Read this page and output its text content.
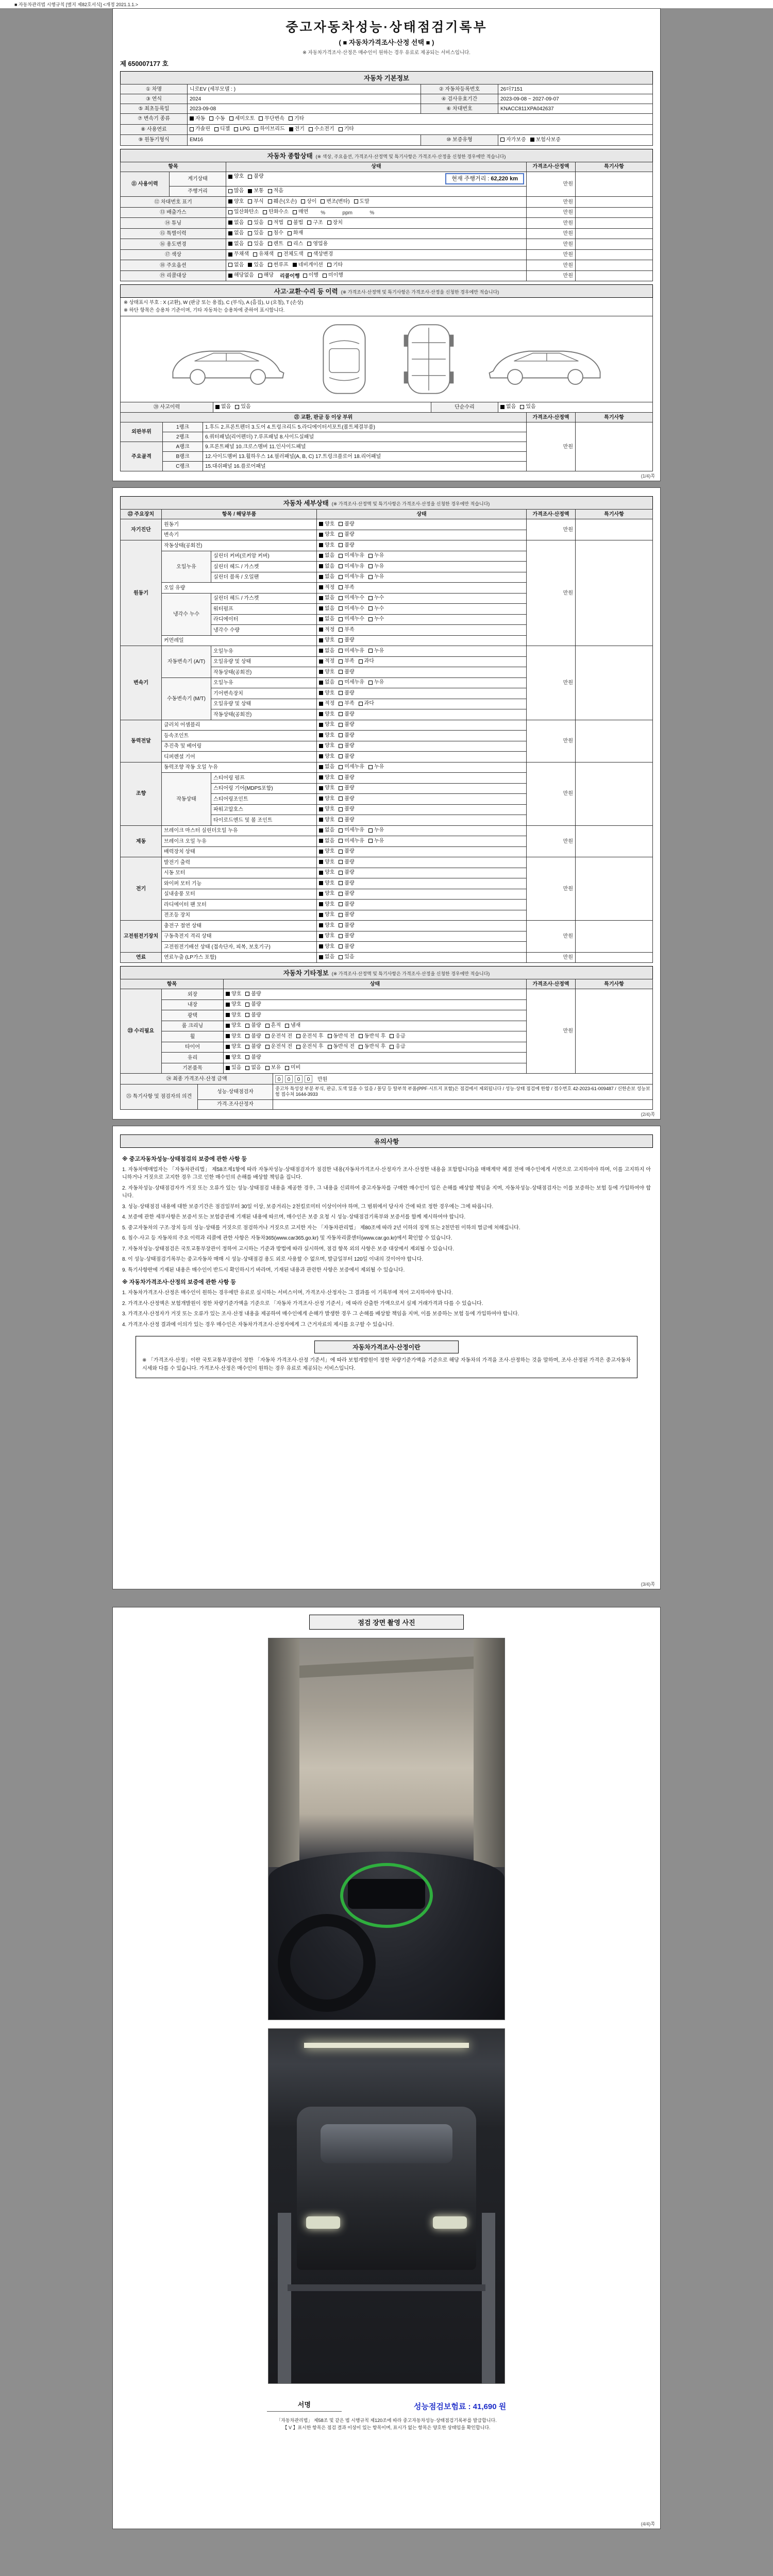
■ 자동차관리법 시행규칙 [별지 제82호서식] <개정 2021.1.1.>
중고자동차성능·상태점검기록부
( ■ 자동차가격조사·산정 선택 ■ )
※ 자동차가격조사·산정은 매수인이 원하는 경우 유료로 제공되는 서비스입니다.
제 650007177 호
자동차 기본정보
① 차명	니로EV (세부모델 : )	② 자동차등록번호	26더7151
③ 연식	2024	④ 검사유효기간	2023-09-08 ~ 2027-09-07
⑤ 최초등록일	2023-09-08	⑥ 차대번호	KNACC811XPA042637
⑦ 변속기 종류	자동 수동 세미오토 무단변속 기타		

⑧ 사용연료	가솔린 디젤 LPG 하이브리드 전기 수소전기 기타

⑨ 원동기형식	EM16	⑩ 보증유형	자가보증 보험사보증
자동차 종합상태 (※ 색상, 주요옵션, 가격조사·산정액 및 특기사항은 가격조사·산정을 신청한 경우에만 적습니다)
항목		상태	가격조사·산정액	특기사항
⑪ 사용이력	계기상태	양호 불량 현재 주행거리 : 62,220 km	만원	
	주행거리	많음 보통 적음		

⑫ 차대번호 표기	양호 부식 훼손(오손) 상이 변조(변타) 도말	만원	
⑬ 배출가스		일산화탄소 탄화수소 매연 %            ppm            %	만원	
⑭ 튜닝	없음 있음 적법 불법 구조 장치	만원	
⑮ 특별이력		없음 있음 침수 화재	만원	
⑯ 용도변경		없음 있음 렌트 리스 영업용	만원	
⑰ 색상		무채색 유채색 전체도색 색상변경	만원	
⑱ 주요옵션		없음 있음 썬루프 네비게이션 기타	만원	
⑲ 리콜대상		해당없음 해당 리콜이행 이행 미이행	만원	
사고·교환·수리 등 이력 (※ 가격조사·산정액 및 특기사항은 가격조사·산정을 신청한 경우에만 적습니다)
※ 상태표시 부호 : X (교환), W (판금 또는 용접), C (부식), A (흠집), U (요철), T (손상)
※ 하단 항목은 승용차 기준이며, 기타 자동차는 승용차에 준하여 표시합니다.
⑳ 사고이력	없음 있음	단순수리	없음 있음
㉑ 교환, 판금 등 이상 부위			가격조사·산정액	특기사항
외판부위	1랭크	1.후드 2.프론트펜더 3.도어 4.트렁크리드 5.라디에이터서포트(볼트체결부품)	만원	
	2랭크	6.쿼터패널(리어펜더) 7.루프패널 8.사이드실패널		
주요골격	A랭크	9.프론트패널 10.크로스멤버 11.인사이드패널		
	B랭크	12.사이드멤버 13.휠하우스 14.필러패널(A, B, C) 17.트렁크플로어 18.리어패널		
	C랭크	15.대쉬패널 16.플로어패널		
(1/4)쪽
자동차 세부상태 (※ 가격조사·산정액 및 특기사항은 가격조사·산정을 신청한 경우에만 적습니다)
㉒ 주요장치	항목 / 해당부품		상태	가격조사·산정액	특기사항
자기진단	원동기		양호 불량	만원	
	변속기		양호 불량		

원동기	작동상태(공회전)		양호 불량	만원	
	오일누유	실린더 커버(로커암 커버)	없음 미세누유 누유		

		실린더 헤드 / 가스켓	없음 미세누유 누유		

		실린더 블록 / 오일팬	없음 미세누유 누유		

	오일 유량		적정 부족		

	냉각수 누수	실린더 헤드 / 가스켓	없음 미세누수 누수		

		워터펌프	없음 미세누수 누수		

		라디에이터	없음 미세누수 누수		

		냉각수 수량	적정 부족		

	커먼레일		양호 불량		

변속기	자동변속기 (A/T)	오일누유	없음 미세누유 누유	만원	
		오일유량 및 상태	적정 부족 과다		

		작동상태(공회전)	양호 불량		

	수동변속기 (M/T)	오일누유	없음 미세누유 누유		

		기어변속장치	양호 불량		

		오일유량 및 상태	적정 부족 과다		

		작동상태(공회전)	양호 불량		

동력전달	클러치 어셈블리		양호 불량	만원	
	등속조인트		양호 불량		

	추진축 및 베어링		양호 불량		

	디퍼렌셜 기어		양호 불량		

조향	동력조향 작동 오일 누유		없음 미세누유 누유	만원	
	작동상태	스티어링 펌프	양호 불량		

		스티어링 기어(MDPS포함)	양호 불량		

		스티어링조인트	양호 불량		

		파워고압호스	양호 불량		

		타이로드엔드 및 볼 조인트	양호 불량		

제동	브레이크 마스터 실린더오일 누유		없음 미세누유 누유	만원	
	브레이크 오일 누유		없음 미세누유 누유		

	배력장치 상태		양호 불량		

전기	발전기 출력		양호 불량	만원	
	시동 모터		양호 불량		

	와이퍼 모터 기능		양호 불량		

	실내송풍 모터		양호 불량		

	라디에이터 팬 모터		양호 불량		

	전조등 장치		양호 불량		

고전원전기장치	충전구 절연 상태		양호 불량	만원	
	구동축전지 격리 상태		양호 불량		

	고전원전기배선 상태 (접속단자, 피복, 보호기구)		양호 불량		

연료	연료누출 (LP가스 포함)		없음 있음	만원	
자동차 기타정보 (※ 가격조사·산정액 및 특기사항은 가격조사·산정을 신청한 경우에만 적습니다)
항목		상태	가격조사·산정액	특기사항
㉓ 수리필요	외장	양호 불량	만원	
	내장	양호 불량		

	광택	양호 불량		

	룸 크리닝	양호 불량 흔적 냄새		

휠	양호 불량 운전석 전 운전석 후 동반석 전 동반석 후 응급

타이어	양호 불량 운전석 전 운전석 후 동반석 전 동반석 후 응급

	유리	양호 불량		

	기본품목	있음 없음 보유 미비		
㉔ 최종 가격조사·산정 금액	0 0 0 0 만원
㉕ 특기사항 및 점검자의 의견	성능·상태점검자	중고차 특성상 부분 부식, 판금, 도색 있을 수 있음 / 몰딩 등 탈부착 부품(PPF·시트지 포함)은 점검에서 제외됩니다 / 성능·상태 점검에 한함 / 접수번호 42-2023-61-009487 / 신한손보 성능보험 접수처 1644-3933
	가격·조사산정자	
(2/4)쪽
유의사항
※ 중고자동차성능·상태점검의 보증에 관한 사항 등
1. 자동차매매업자는 「자동차관리법」 제58조제1항에 따라 자동차성능·상태점검자가 점검한 내용(자동차가격조사·산정자가 조사·산정한 내용을 포함합니다)을 매매계약 체결 전에 매수인에게 서면으로 고지하여야 하며, 이를 고지하지 아니하거나 거짓으로 고지한 경우 그로 인한 매수인의 손해를 배상할 책임을 집니다.
2. 자동차성능·상태점검자가 거짓 또는 오류가 있는 성능·상태점검 내용을 제공한 경우, 그 내용을 신뢰하여 중고자동차를 구매한 매수인이 입은 손해를 배상할 책임을 지며, 자동차성능·상태점검자는 이를 보증하는 보험 등에 가입하여야 합니다.
3. 성능·상태점검 내용에 대한 보증기간은 점검일부터 30일 이상, 보증거리는 2천킬로미터 이상이어야 하며, 그 범위에서 당사자 간에 따로 정한 경우에는 그에 따릅니다.
4. 보증에 관한 세부사항은 보증서 또는 보험증권에 기재된 내용에 따르며, 매수인은 보증 요청 시 성능·상태점검기록부와 보증서를 함께 제시하여야 합니다.
5. 중고자동차의 구조·장치 등의 성능·상태를 거짓으로 점검하거나 거짓으로 고지한 자는 「자동차관리법」 제80조에 따라 2년 이하의 징역 또는 2천만원 이하의 벌금에 처해집니다.
6. 침수·사고 등 자동차의 주요 이력과 리콜에 관한 사항은 자동차365(www.car365.go.kr) 및 자동차리콜센터(www.car.go.kr)에서 확인할 수 있습니다.
7. 자동차성능·상태점검은 국토교통부장관이 정하여 고시하는 기준과 방법에 따라 실시하며, 점검 항목 외의 사항은 보증 대상에서 제외될 수 있습니다.
8. 이 성능·상태점검기록부는 중고자동차 매매 시 성능·상태점검 용도 외로 사용할 수 없으며, 발급일부터 120일 이내의 것이어야 합니다.
9. 특기사항란에 기재된 내용은 매수인이 반드시 확인하시기 바라며, 기재된 내용과 관련한 사항은 보증에서 제외될 수 있습니다.
※ 자동차가격조사·산정의 보증에 관한 사항 등
1. 자동차가격조사·산정은 매수인이 원하는 경우에만 유료로 실시하는 서비스이며, 가격조사·산정자는 그 결과를 이 기록부에 적어 고지하여야 합니다.
2. 가격조사·산정액은 보험개발원이 정한 차량기준가액을 기준으로 「자동차 가격조사·산정 기준서」에 따라 산출한 가액으로서 실제 거래가격과 다를 수 있습니다.
3. 가격조사·산정자가 거짓 또는 오류가 있는 조사·산정 내용을 제공하여 매수인에게 손해가 발생한 경우 그 손해를 배상할 책임을 지며, 이를 보증하는 보험 등에 가입하여야 합니다.
4. 가격조사·산정 결과에 이의가 있는 경우 매수인은 자동차가격조사·산정자에게 그 근거자료의 제시를 요구할 수 있습니다.
자동차가격조사·산정이란
※ 「가격조사·산정」이란 국토교통부장관이 정한 「자동차 가격조사·산정 기준서」에 따라 보험개발원이 정한 차량기준가액을 기준으로 해당 자동차의 가격을 조사·산정하는 것을 말하며, 조사·산정된 가격은 중고자동차 시세와 다를 수 있습니다. 가격조사·산정은 매수인이 원하는 경우 유료로 제공되는 서비스입니다.
(3/4)쪽
점검 장면 촬영 사진
서명	성능점검보험료 : 41,690 원
「자동차관리법」 제58조 및 같은 법 시행규칙 제120조에 따라 중고자동차성능·상태점검기록부를 발급합니다.
【 V 】표시한 항목은 점검 결과 이상이 있는 항목이며, 표시가 없는 항목은 양호한 상태임을 확인합니다.
(4/4)쪽
